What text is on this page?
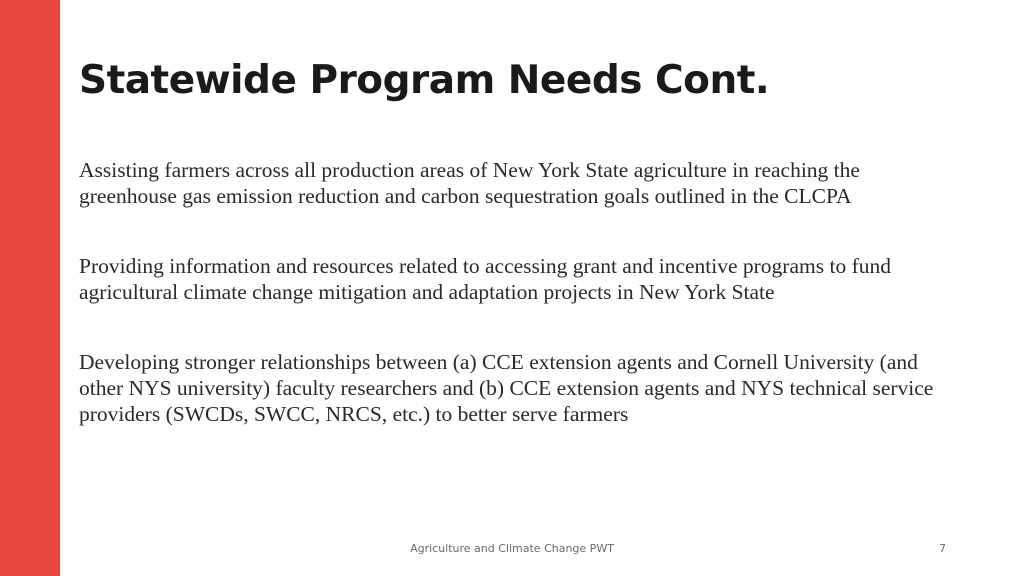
Statewide Program Needs Cont.

Assisting farmers across all production areas of New York State agriculture in reaching the greenhouse gas emission reduction and carbon sequestration goals outlined in the CLCPA

Providing information and resources related to accessing grant and incentive programs to fund agricultural climate change mitigation and adaptation projects in New York State

Developing stronger relationships between (a) CCE extension agents and Cornell University (and other NYS university) faculty researchers and (b) CCE extension agents and NYS technical service providers (SWCDs, SWCC, NRCS, etc.) to better serve farmers

Agriculture and Climate Change PWT	7
